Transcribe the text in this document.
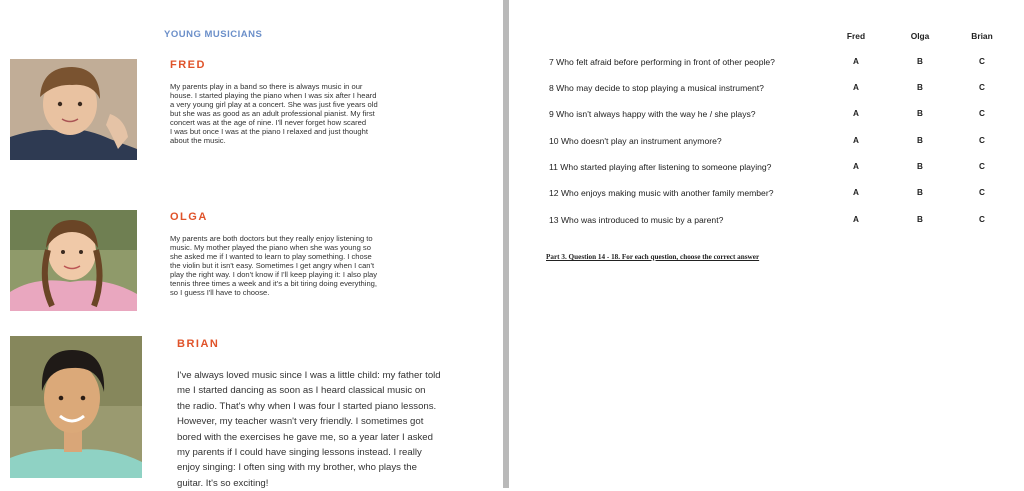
YOUNG MUSICIANS
FRED
My parents play in a band so there is always music in our
house. I started playing the piano when I was six after I heard
a very young girl play at a concert. She was just five years old
but she was as good as an adult professional pianist. My first
concert was at the age of nine. I'll never forget how scared
I was but once I was at the piano I relaxed and just thought
about the music.
OLGA
My parents are both doctors but they really enjoy listening to
music. My mother played the piano when she was young so
she asked me if I wanted to learn to play something. I chose
the violin but it isn't easy. Sometimes I get angry when I can't
play the right way. I don't know if I'll keep playing it: I also play
tennis three times a week and it's a bit tiring doing everything,
so I guess I'll have to choose.
BRIAN
I've always loved music since I was a little child: my father told
me I started dancing as soon as I heard classical music on
the radio. That's why when I was four I started piano lessons.
However, my teacher wasn't very friendly. I sometimes got
bored with the exercises he gave me, so a year later I asked
my parents if I could have singing lessons instead. I really
enjoy singing: I often sing with my brother, who plays the
guitar. It's so exciting!
Fred	Olga	Brian
7 Who felt afraid before performing in front of other people?	A	B	C
8 Who may decide to stop playing a musical instrument?	A	B	C
9 Who isn't always happy with the way he / she plays?	A	B	C
10 Who doesn't play an instrument anymore?	A	B	C
11 Who started playing after listening to someone playing?	A	B	C
12 Who enjoys making music with another family member?	A	B	C
13 Who was introduced to music by a parent?	A	B	C
Part 3. Question 14 - 18. For each question, choose the correct answer
